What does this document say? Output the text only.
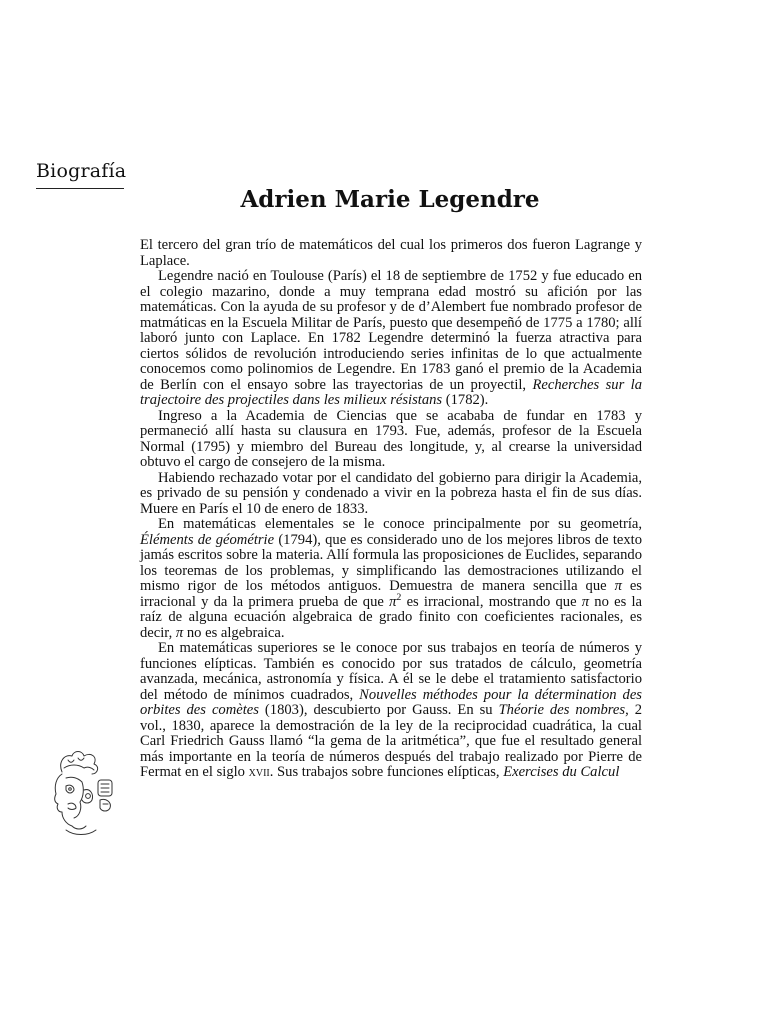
Biografía
Adrien Marie Legendre

El tercero del gran trío de matemáticos del cual los primeros dos fueron Lagrange y Laplace.

Legendre nació en Toulouse (París) el 18 de septiembre de 1752 y fue educado en el colegio mazarino, donde a muy temprana edad mostró su afición por las matemáticas. Con la ayuda de su profesor y de d’Alembert fue nombrado profesor de matmáticas en la Escuela Militar de París, puesto que desempeñó de 1775 a 1780; allí laboró junto con Laplace. En 1782 Legendre determinó la fuerza atractiva para ciertos sólidos de revolución introduciendo series infinitas de lo que actualmente conocemos como polinomios de Legendre. En 1783 ganó el premio de la Academia de Berlín con el ensayo sobre las trayectorias de un proyectil, Recherches sur la trajectoire des projectiles dans les milieux résistans (1782).

Ingreso a la Academia de Ciencias que se acababa de fundar en 1783 y permaneció allí hasta su clausura en 1793. Fue, además, profesor de la Escuela Normal (1795) y miembro del Bureau des longitude, y, al crearse la universidad obtuvo el cargo de consejero de la misma.

Habiendo rechazado votar por el candidato del gobierno para dirigir la Academia, es privado de su pensión y condenado a vivir en la pobreza hasta el fin de sus días. Muere en París el 10 de enero de 1833.

En matemáticas elementales se le conoce principalmente por su geometría, Éléments de géométrie (1794), que es considerado uno de los mejores libros de texto jamás escritos sobre la materia. Allí formula las proposiciones de Euclides, separando los teoremas de los problemas, y simplificando las demostraciones utilizando el mismo rigor de los métodos antiguos. Demuestra de manera sencilla que π es irracional y da la primera prueba de que $\pi^2$ es irracional, mostrando que π no es la raíz de alguna ecuación algebraica de grado finito con coeficientes racionales, es decir, π no es algebraica.

En matemáticas superiores se le conoce por sus trabajos en teoría de números y funciones elípticas. También es conocido por sus tratados de cálculo, geometría avanzada, mecánica, astronomía y física. A él se le debe el tratamiento satisfactorio del método de mínimos cuadrados, Nouvelles méthodes pour la détermination des orbites des comètes (1803), descubierto por Gauss. En su Théorie des nombres, 2 vol., 1830, aparece la demostración de la ley de la reciprocidad cuadrática, la cual Carl Friedrich Gauss llamó “la gema de la aritmética”, que fue el resultado general más importante en la teoría de números después del trabajo realizado por Pierre de Fermat en el siglo xvii. Sus trabajos sobre funciones elípticas, Exercises du Calcul
